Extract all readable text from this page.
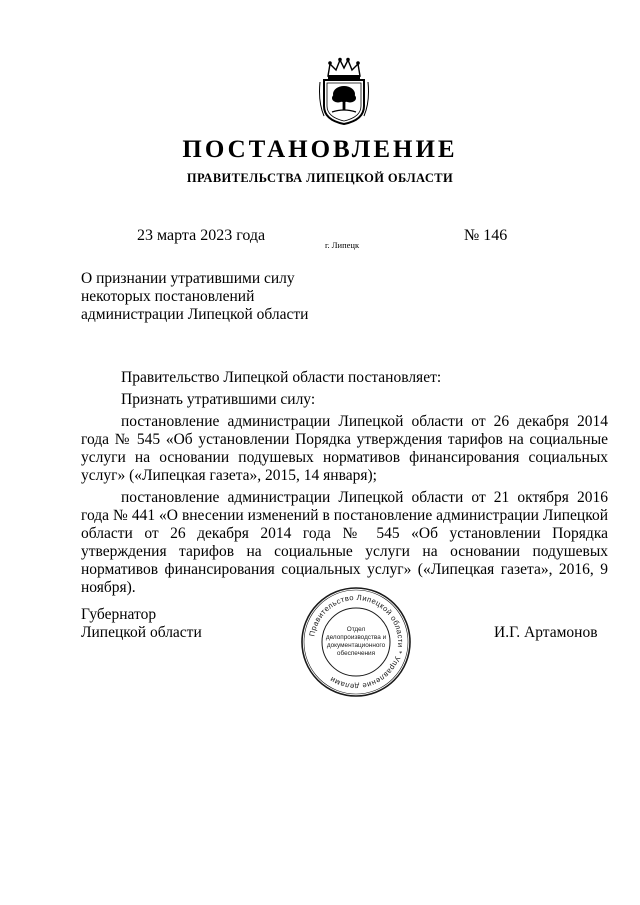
ПОСТАНОВЛЕНИЕ
ПРАВИТЕЛЬСТВА ЛИПЕЦКОЙ ОБЛАСТИ
23 марта 2023 года
г. Липецк
№ 146
О признании утратившими силу
некоторых постановлений
администрации Липецкой области

Правительство Липецкой области постановляет:

Признать утратившими силу:

постановление администрации Липецкой области от 26 декабря 2014 года № 545 «Об установлении Порядка утверждения тарифов на социальные услуги на основании подушевых нормативов финансирования социальных услуг» («Липецкая газета», 2015, 14 января);

постановление администрации Липецкой области от 21 октября 2016 года № 441 «О внесении изменений в постановление администрации Липецкой области от 26 декабря 2014 года № 545 «Об установлении Порядка утверждения тарифов на социальные услуги на основании подушевых нормативов финансирования социальных услуг» («Липецкая газета», 2016, 9 ноября).

Губернатор
Липецкой области	И.Г. Артамонов
Правительство Липецкой области * Управление делами
Отдел делопроизводства и документационного обеспечения
